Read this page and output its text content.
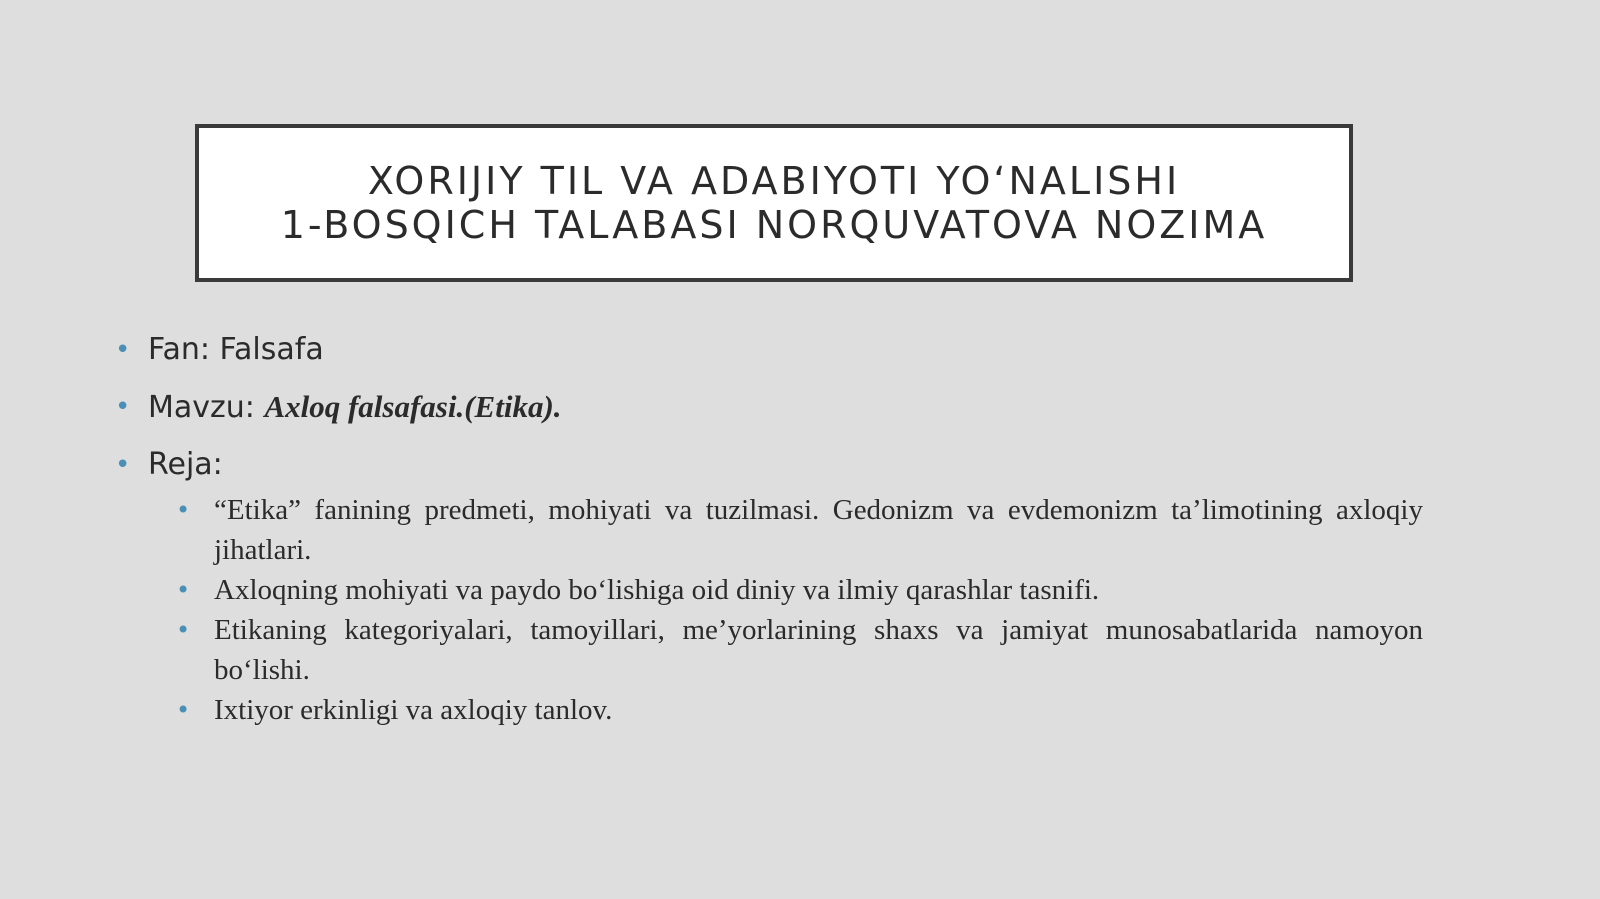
XORIJIY TIL VA ADABIYOTI YO‘NALISHI
1-BOSQICH TALABASI NORQUVATOVA NOZIMA
• Fan: Falsafa
• Mavzu: Axloq falsafasi.(Etika).
• Reja:
• “Etika” fanining predmeti, mohiyati va tuzilmasi. Gedonizm va evdemonizm ta’limotining axloqiy jihatlari.
• Axloqning mohiyati va paydo bo‘lishiga oid diniy va ilmiy qarashlar tasnifi.
• Etikaning kategoriyalari, tamoyillari, me’yorlarining shaxs va jamiyat munosabatlarida namoyon bo‘lishi.
• Ixtiyor erkinligi va axloqiy tanlov.
